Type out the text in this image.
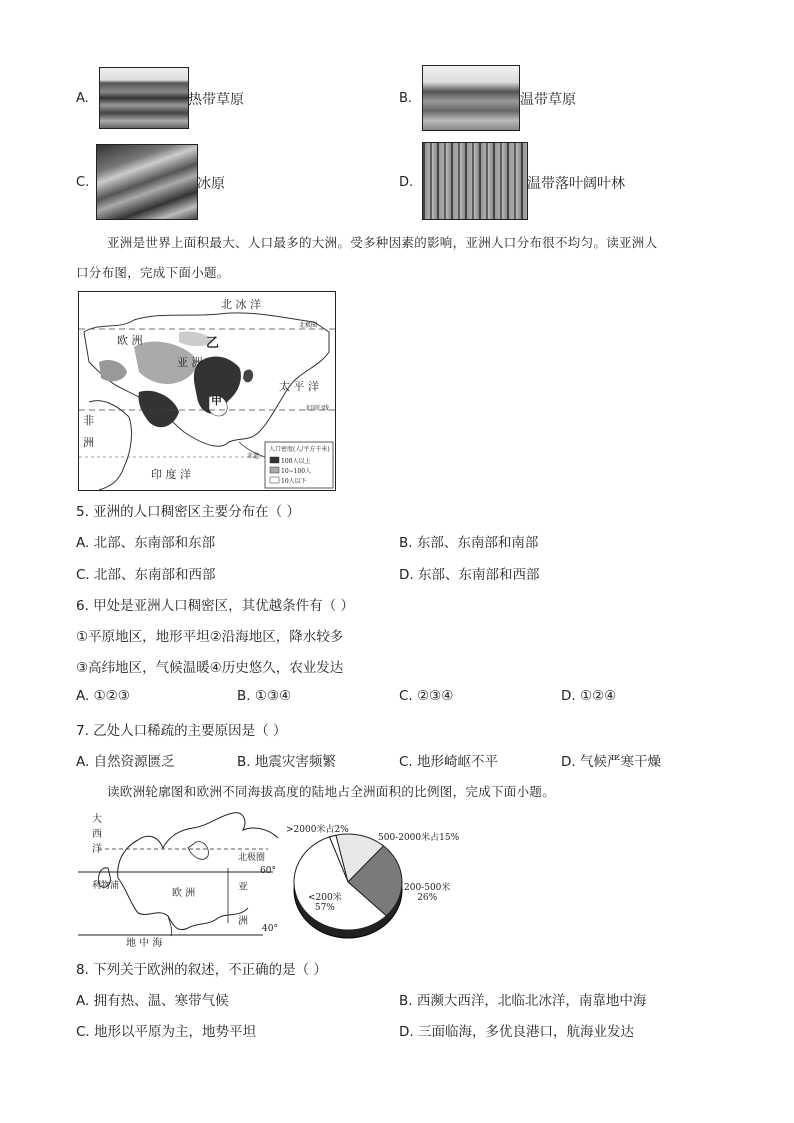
A.	热带草原	B.	温带草原
C.	冰原	D.	温带落叶阔叶林
亚洲是世界上面积最大、人口最多的大洲。受多种因素的影响，亚洲人口分布很不均匀。读亚洲人
口分布图，完成下面小题。
北 冰 洋
欧 洲	乙
亚 洲
太 平 洋
甲
非
洲
印 度 洋
北极圈
北回归线
赤道
人口密度(人/平方千米)
100人以上
10~100人
10人以下
5. 亚洲的人口稠密区主要分布在（ ）
A. 北部、东南部和东部	B. 东部、东南部和南部
C. 北部、东南部和西部	D. 东部、东南部和西部
6. 甲处是亚洲人口稠密区，其优越条件有（ ）
①平原地区，地形平坦②沿海地区，降水较多
③高纬地区，气候温暖④历史悠久，农业发达
A. ①②③	B. ①③④	C. ②③④	D. ①②④
7. 乙处人口稀疏的主要原因是（ ）
A. 自然资源匮乏	B. 地震灾害频繁	C. 地形崎岖不平	D. 气候严寒干燥
读欧洲轮廓图和欧洲不同海拔高度的陆地占全洲面积的比例图，完成下面小题。
大
西
洋
北极圈
60°
40°
利物浦
欧 洲
亚
洲
地 中 海
>2000米占2%
500-2000米占15%
200-500米
26%
<200米
57%
8. 下列关于欧洲的叙述，不正确的是（ ）
A. 拥有热、温、寒带气候	B. 西濒大西洋，北临北冰洋，南靠地中海
C. 地形以平原为主，地势平坦	D. 三面临海，多优良港口，航海业发达
